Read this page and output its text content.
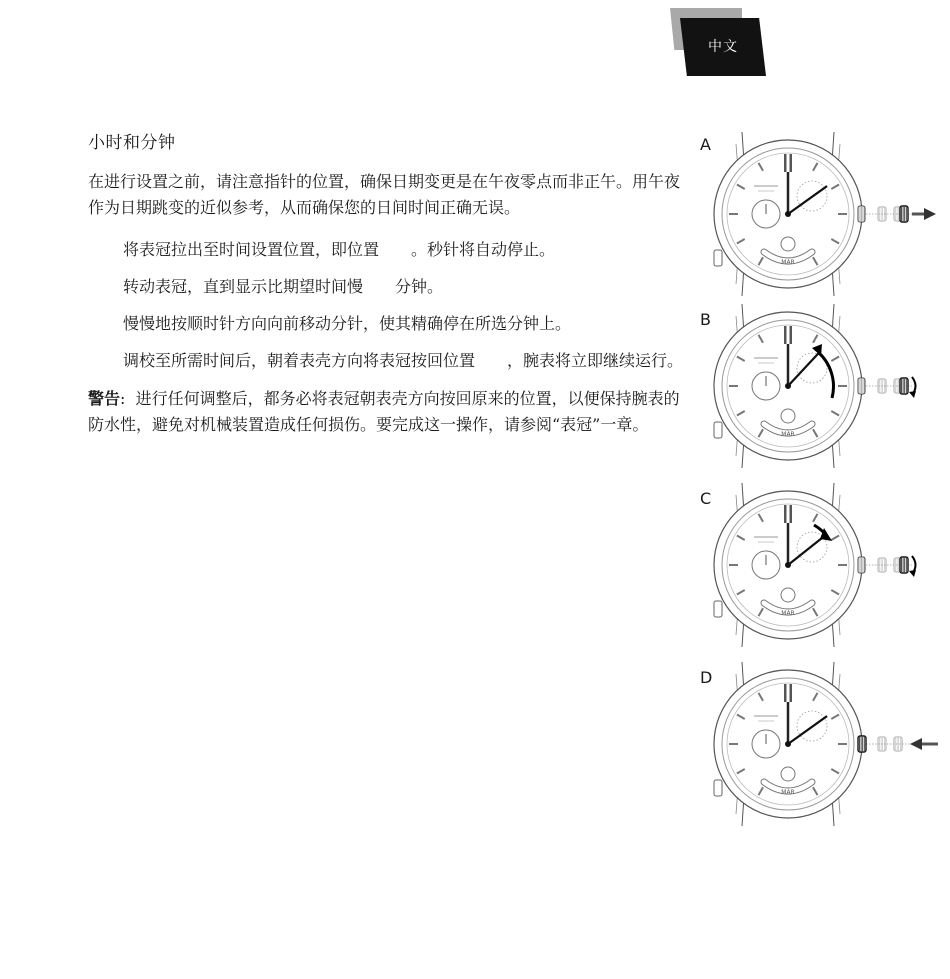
中文
小时和分钟

在进行设置之前，请注意指针的位置，确保日期变更是在午夜零点而非正午。用午夜作为日期跳变的近似参考，从而确保您的日间时间正确无误。

将表冠拉出至时间设置位置，即位置　　。秒针将自动停止。
转动表冠，直到显示比期望时间慢　　分钟。
慢慢地按顺时针方向向前移动分针，使其精确停在所选分钟上。
调校至所需时间后，朝着表壳方向将表冠按回位置　　，腕表将立即继续运行。

警告:  进行任何调整后，都务必将表冠朝表壳方向按回原来的位置，以便保持腕表的防水性，避免对机械装置造成任何损伤。要完成这一操作，请参阅“表冠”一章。

A
B
C
D
MAR
MAR
MAR
MAR
